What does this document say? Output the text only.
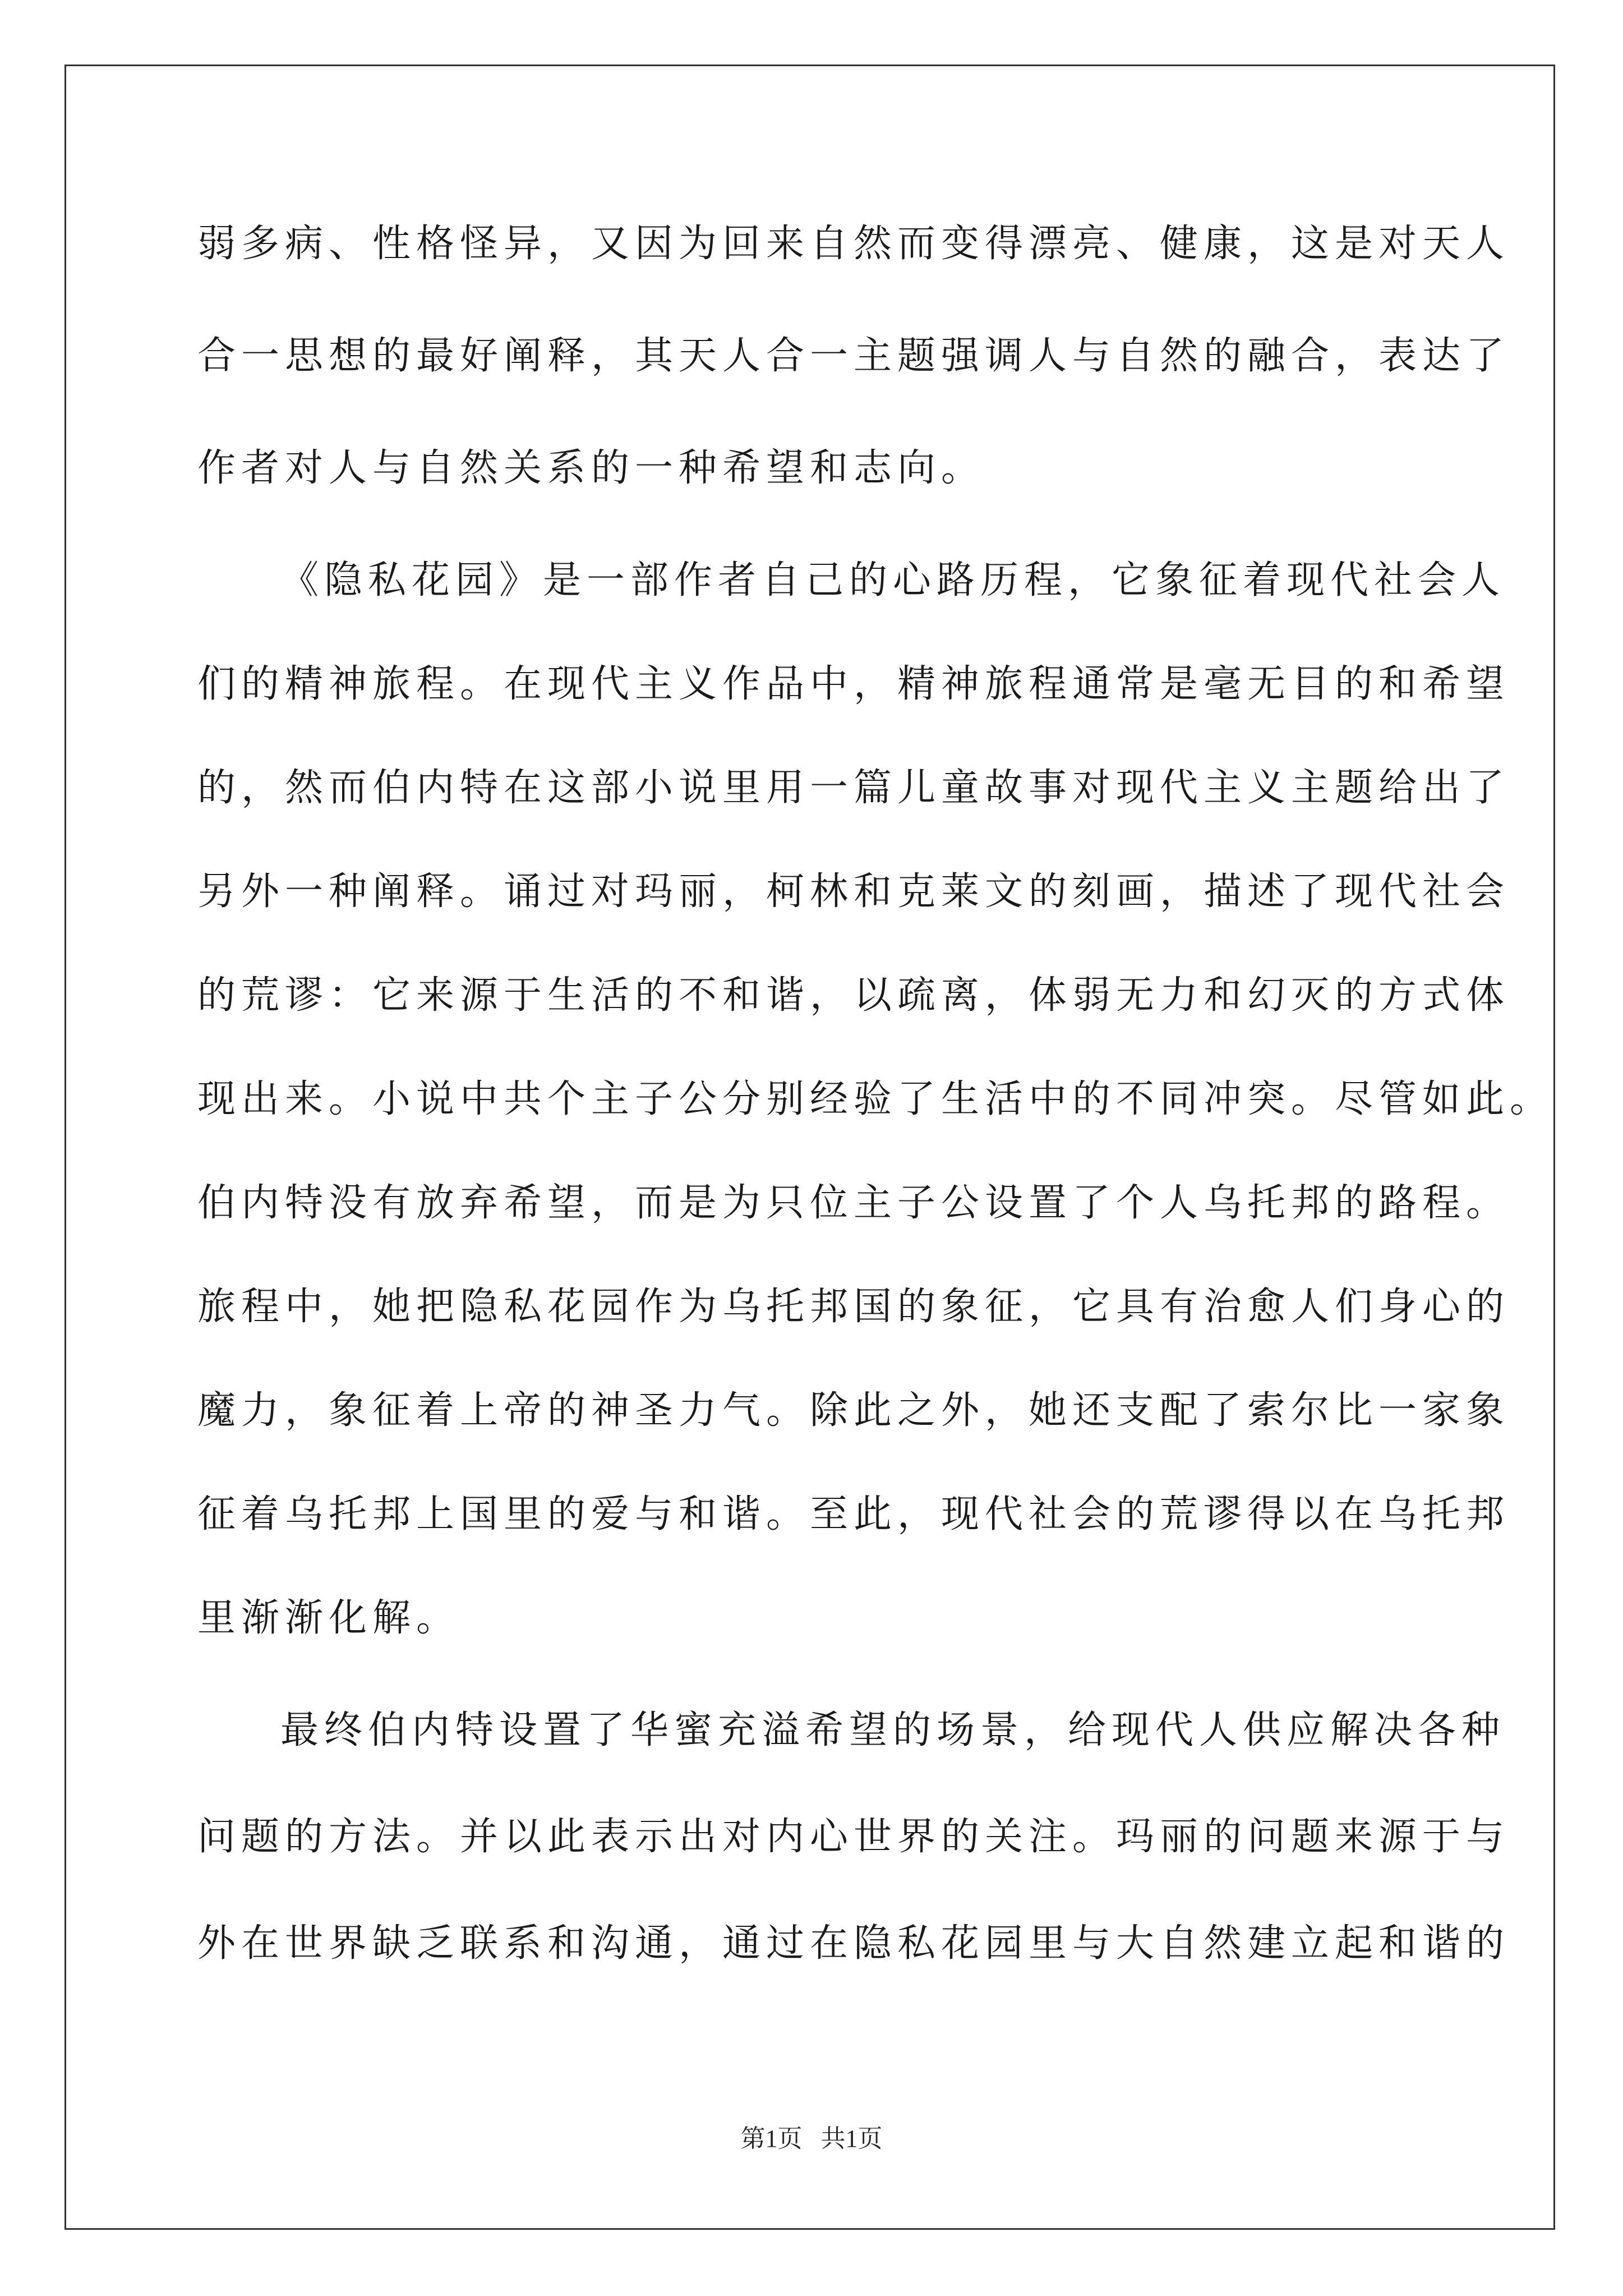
弱多病、性格怪异，又因为回来自然而变得漂亮、健康，这是对天人
合一思想的最好阐释，其天人合一主题强调人与自然的融合，表达了
作者对人与自然关系的一种希望和志向。
《隐私花园》是一部作者自己的心路历程，它象征着现代社会人
们的精神旅程。在现代主义作品中，精神旅程通常是毫无目的和希望
的，然而伯内特在这部小说里用一篇儿童故事对现代主义主题给出了
另外一种阐释。诵过对玛丽，柯林和克莱文的刻画，描述了现代社会
的荒谬：它来源于生活的不和谐，以疏离，体弱无力和幻灭的方式体
现出来。小说中共个主子公分别经验了生活中的不同冲突。尽管如此。
伯内特没有放弃希望，而是为只位主子公设置了个人乌托邦的路程。
旅程中，她把隐私花园作为乌托邦国的象征，它具有治愈人们身心的
魔力，象征着上帝的神圣力气。除此之外，她还支配了索尔比一家象
征着乌托邦上国里的爱与和谐。至此，现代社会的荒谬得以在乌托邦
里渐渐化解。
最终伯内特设置了华蜜充溢希望的场景，给现代人供应解决各种
问题的方法。并以此表示出对内心世界的关注。玛丽的问题来源于与
外在世界缺乏联系和沟通，通过在隐私花园里与大自然建立起和谐的
第1页   共1页
